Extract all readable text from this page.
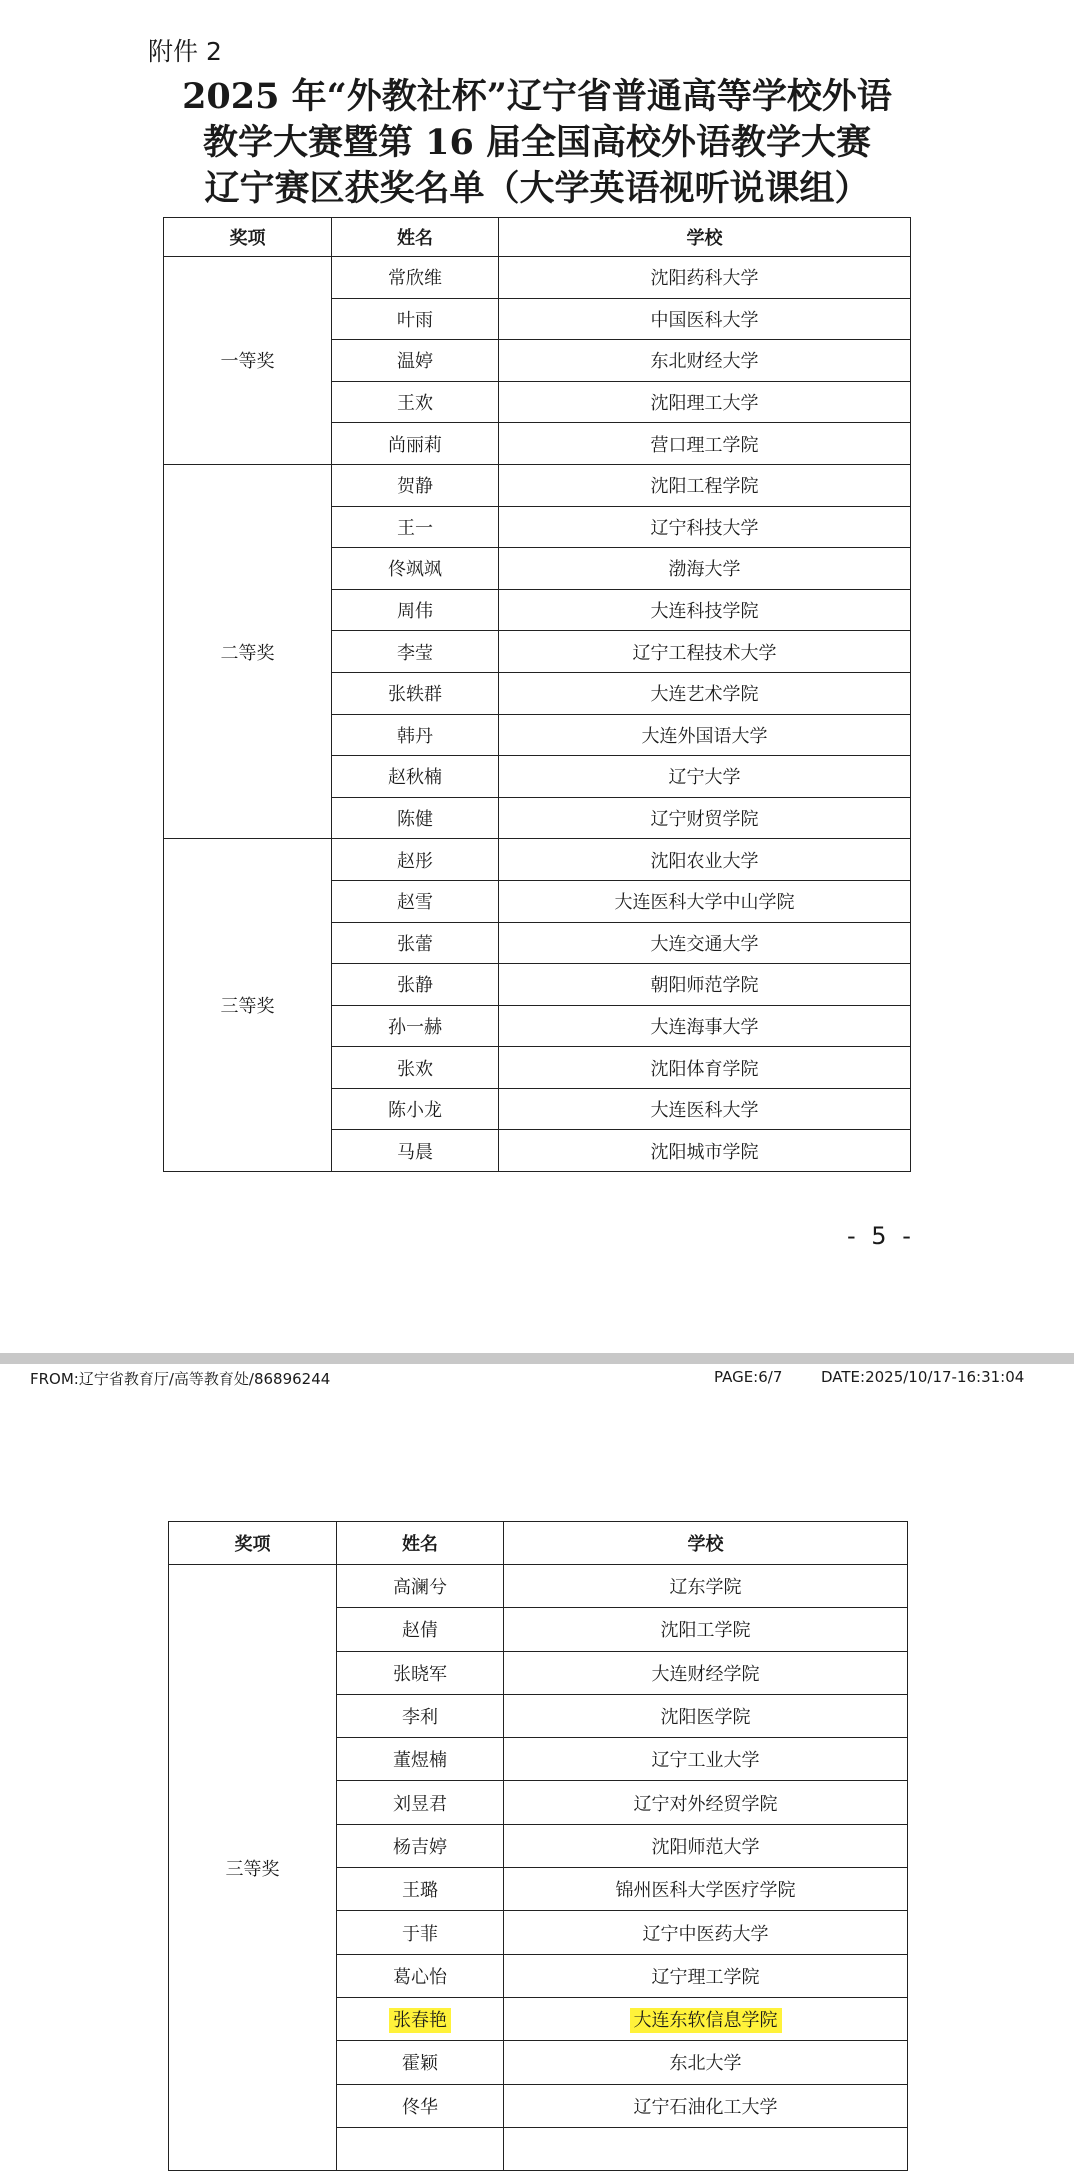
附件 2
2025 年“外教社杯”辽宁省普通高等学校外语
教学大赛暨第 16 届全国高校外语教学大赛
辽宁赛区获奖名单（大学英语视听说课组）
奖项	姓名	学校
一等奖	常欣维	沈阳药科大学
	叶雨	中国医科大学
	温婷	东北财经大学
	王欢	沈阳理工大学
	尚丽莉	营口理工学院
二等奖	贺静	沈阳工程学院
	王一	辽宁科技大学
	佟飒飒	渤海大学
	周伟	大连科技学院
	李莹	辽宁工程技术大学
	张轶群	大连艺术学院
	韩丹	大连外国语大学
	赵秋楠	辽宁大学
	陈健	辽宁财贸学院
三等奖	赵彤	沈阳农业大学
	赵雪	大连医科大学中山学院
	张蕾	大连交通大学
	张静	朝阳师范学院
	孙一赫	大连海事大学
	张欢	沈阳体育学院
	陈小龙	大连医科大学
	马晨	沈阳城市学院
- 5 -
FROM:辽宁省教育厅/高等教育处/86896244	PAGE:6/7	DATE:2025/10/17-16:31:04
奖项	姓名	学校
三等奖	高澜兮	辽东学院
	赵倩	沈阳工学院
	张晓军	大连财经学院
	李利	沈阳医学院
	董煜楠	辽宁工业大学
	刘昱君	辽宁对外经贸学院
	杨吉婷	沈阳师范大学
	王璐	锦州医科大学医疗学院
	于菲	辽宁中医药大学
	葛心怡	辽宁理工学院
	张春艳	大连东软信息学院
	霍颖	东北大学
	佟华	辽宁石油化工大学
